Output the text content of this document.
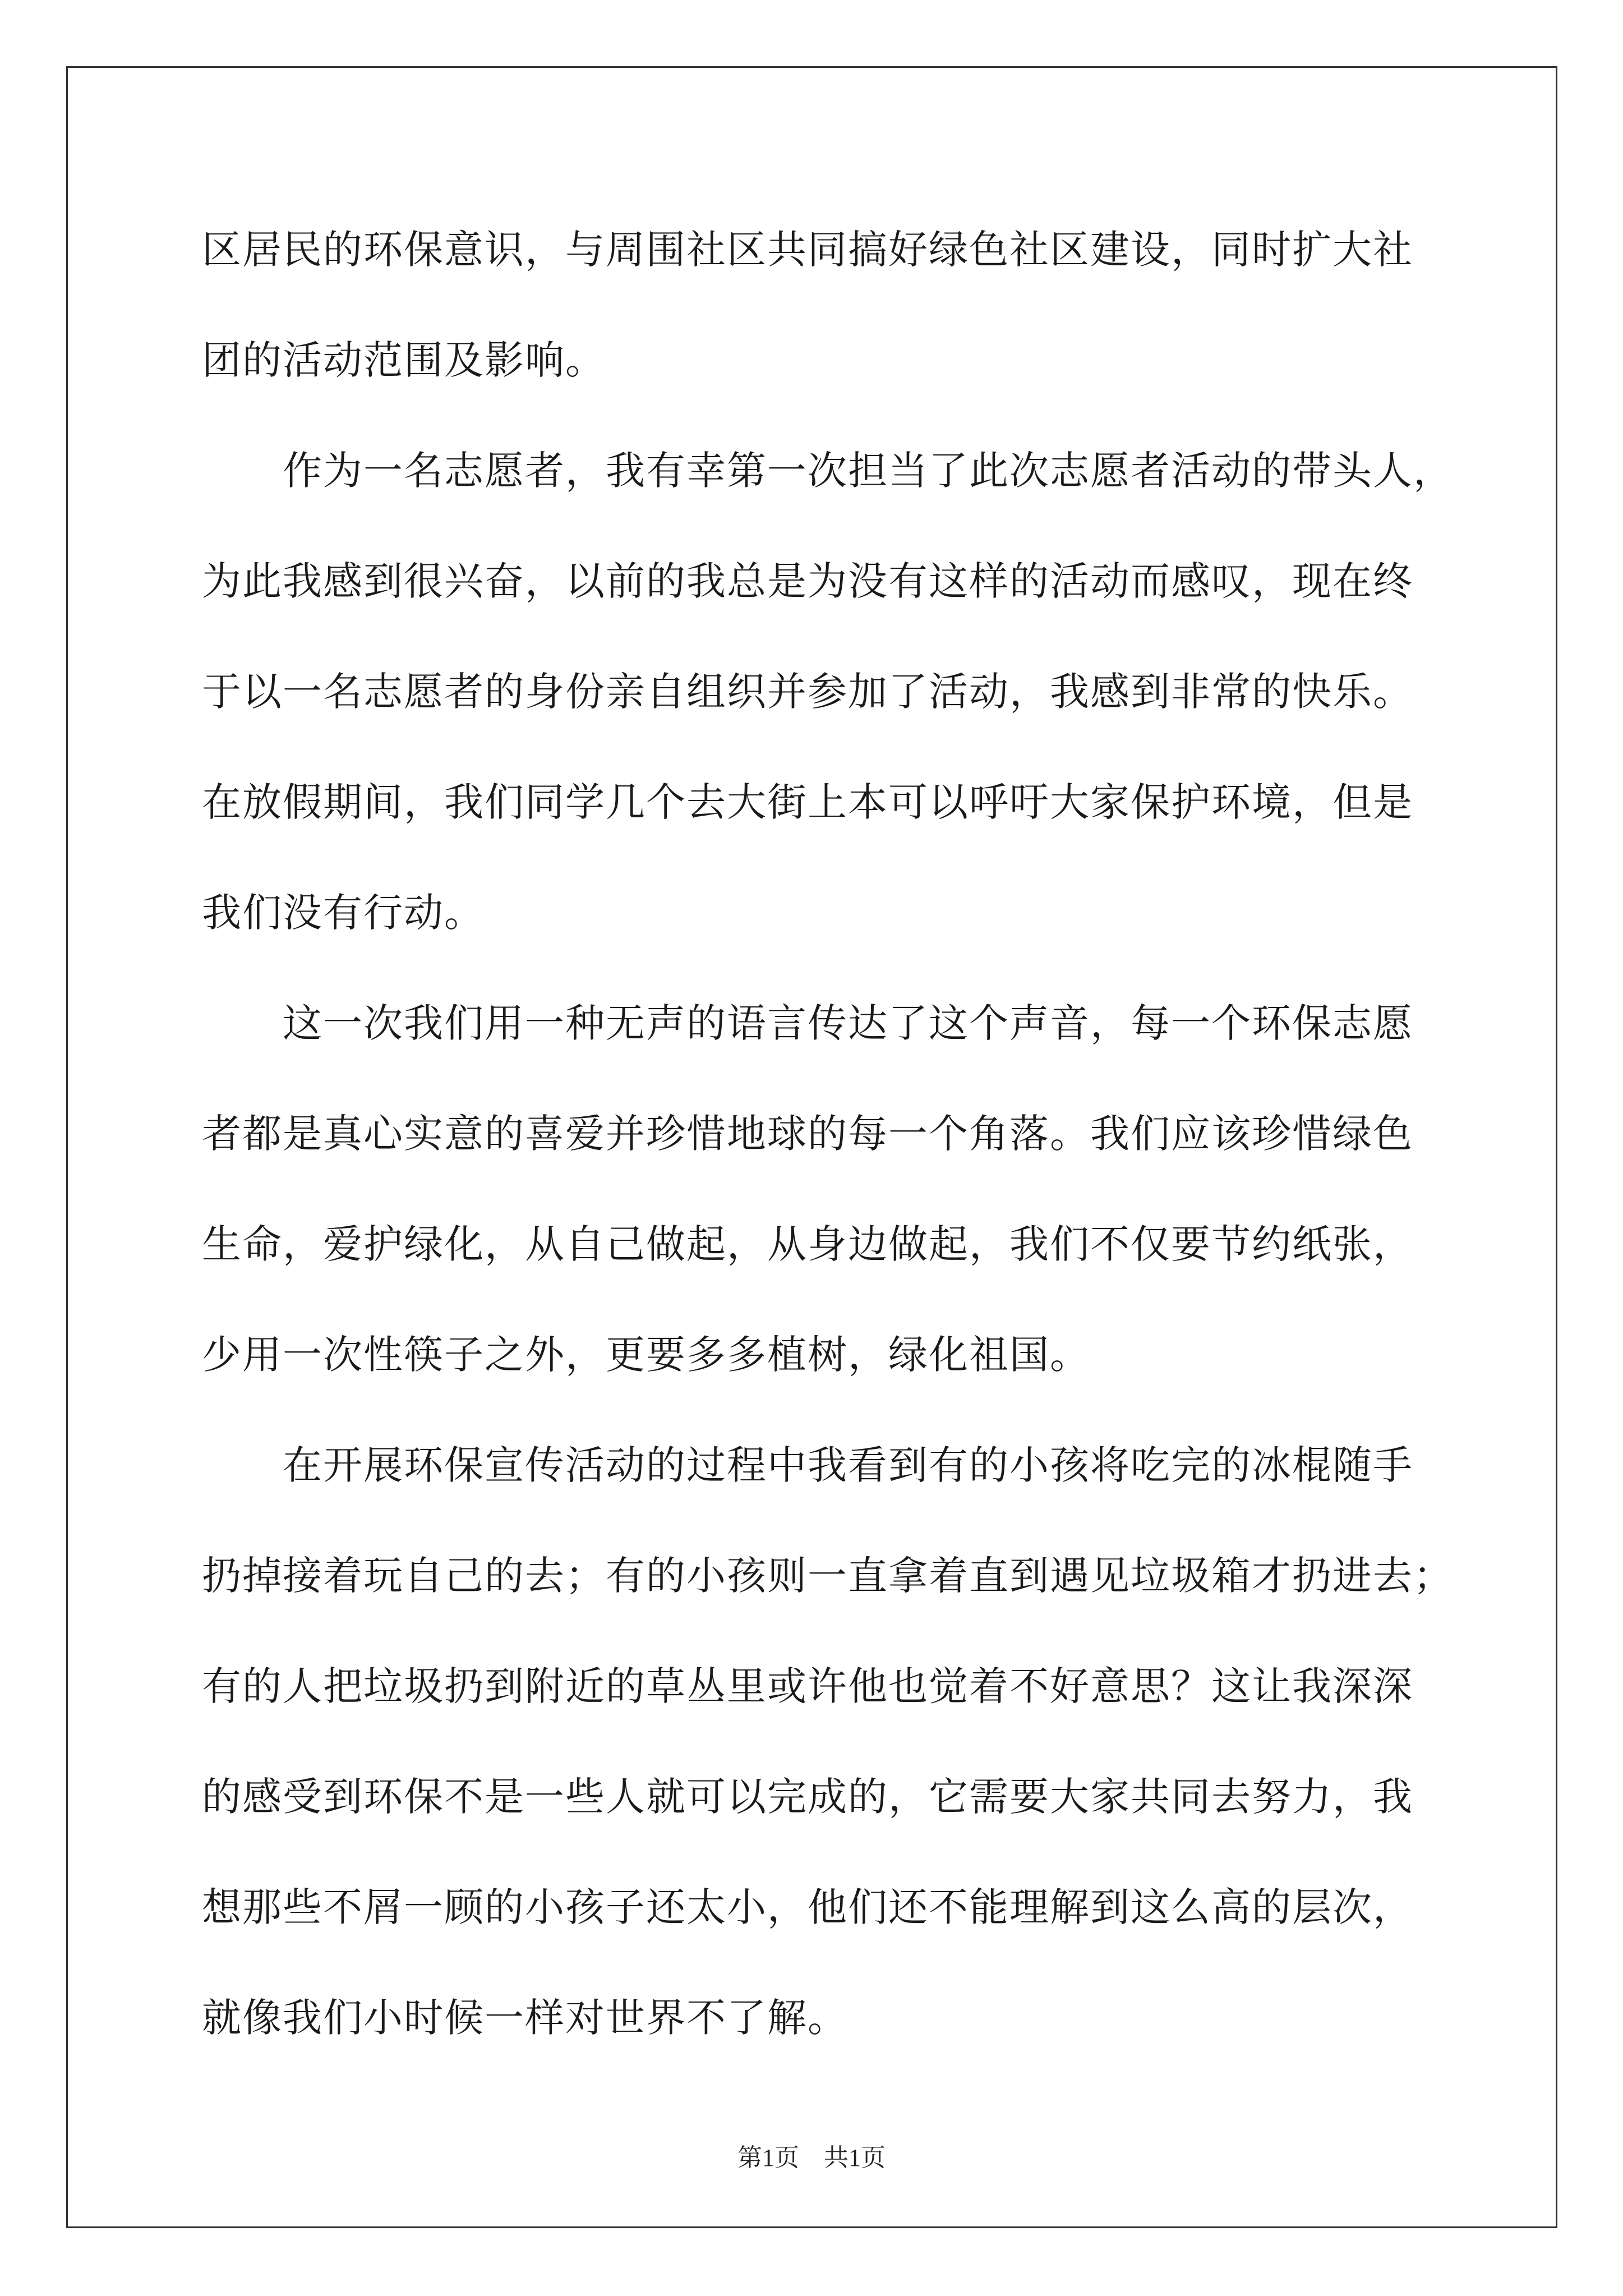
区居民的环保意识，与周围社区共同搞好绿色社区建设，同时扩大社
团的活动范围及影响。
作为一名志愿者，我有幸第一次担当了此次志愿者活动的带头人，
为此我感到很兴奋，以前的我总是为没有这样的活动而感叹，现在终
于以一名志愿者的身份亲自组织并参加了活动，我感到非常的快乐。
在放假期间，我们同学几个去大街上本可以呼吁大家保护环境，但是
我们没有行动。
这一次我们用一种无声的语言传达了这个声音，每一个环保志愿
者都是真心实意的喜爱并珍惜地球的每一个角落。我们应该珍惜绿色
生命，爱护绿化，从自己做起，从身边做起，我们不仅要节约纸张，
少用一次性筷子之外，更要多多植树，绿化祖国。
在开展环保宣传活动的过程中我看到有的小孩将吃完的冰棍随手
扔掉接着玩自己的去；有的小孩则一直拿着直到遇见垃圾箱才扔进去；
有的人把垃圾扔到附近的草丛里或许他也觉着不好意思？这让我深深
的感受到环保不是一些人就可以完成的，它需要大家共同去努力，我
想那些不屑一顾的小孩子还太小，他们还不能理解到这么高的层次，
就像我们小时候一样对世界不了解。
第1页 共1页
